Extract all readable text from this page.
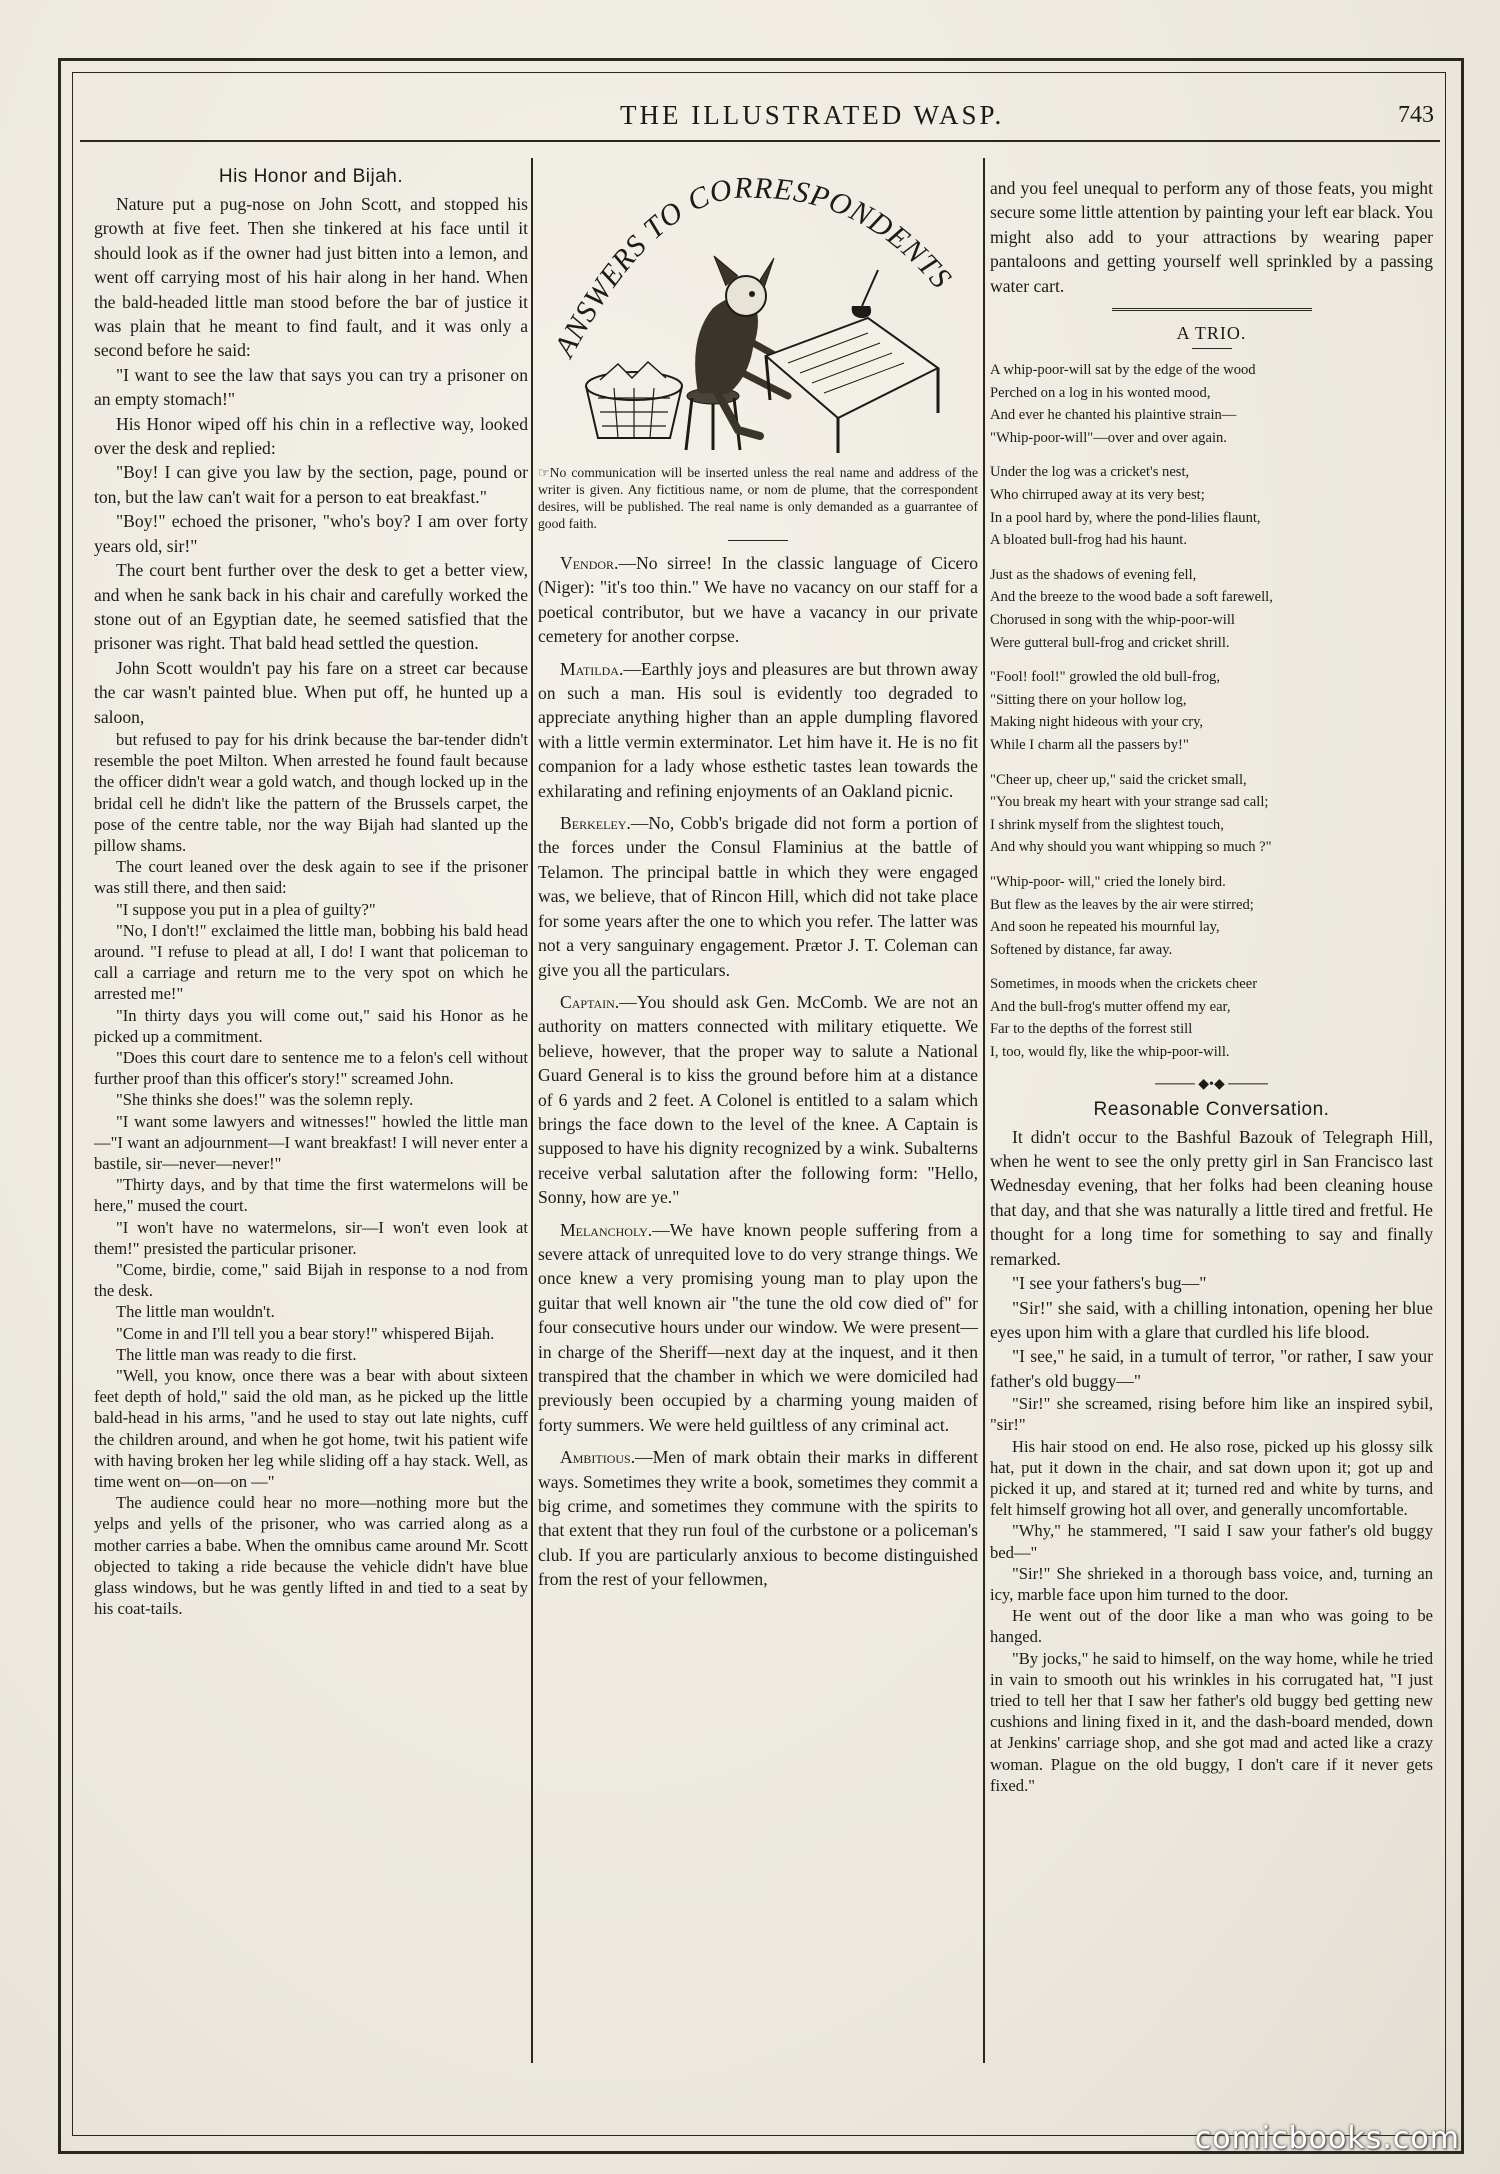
THE ILLUSTRATED WASP.	743
His Honor and Bijah.

Nature put a pug-nose on John Scott, and stopped his growth at five feet. Then she tinkered at his face until it should look as if the owner had just bitten into a lemon, and went off carrying most of his hair along in her hand. When the bald-headed little man stood before the bar of justice it was plain that he meant to find fault, and it was only a second before he said:

"I want to see the law that says you can try a prisoner on an empty stomach!"

His Honor wiped off his chin in a reflective way, looked over the desk and replied:

"Boy! I can give you law by the section, page, pound or ton, but the law can't wait for a person to eat breakfast."

"Boy!" echoed the prisoner, "who's boy? I am over forty years old, sir!"

The court bent further over the desk to get a better view, and when he sank back in his chair and carefully worked the stone out of an Egyptian date, he seemed satisfied that the prisoner was right. That bald head settled the question.

John Scott wouldn't pay his fare on a street car because the car wasn't painted blue. When put off, he hunted up a saloon,

but refused to pay for his drink because the bar-tender didn't resemble the poet Milton. When arrested he found fault because the officer didn't wear a gold watch, and though locked up in the bridal cell he didn't like the pattern of the Brussels carpet, the pose of the centre table, nor the way Bijah had slanted up the pillow shams.

The court leaned over the desk again to see if the prisoner was still there, and then said:

"I suppose you put in a plea of guilty?"

"No, I don't!" exclaimed the little man, bobbing his bald head around. "I refuse to plead at all, I do! I want that policeman to call a carriage and return me to the very spot on which he arrested me!"

"In thirty days you will come out," said his Honor as he picked up a commitment.

"Does this court dare to sentence me to a felon's cell without further proof than this officer's story!" screamed John.

"She thinks she does!" was the solemn reply.

"I want some lawyers and witnesses!" howled the little man—"I want an adjournment—I want breakfast! I will never enter a bastile, sir—never—never!"

"Thirty days, and by that time the first watermelons will be here," mused the court.

"I won't have no watermelons, sir—I won't even look at them!" presisted the particular prisoner.

"Come, birdie, come," said Bijah in response to a nod from the desk.

The little man wouldn't.

"Come in and I'll tell you a bear story!" whispered Bijah.

The little man was ready to die first.

"Well, you know, once there was a bear with about sixteen feet depth of hold," said the old man, as he picked up the little bald-head in his arms, "and he used to stay out late nights, cuff the children around, and when he got home, twit his patient wife with having broken her leg while sliding off a hay stack. Well, as time went on—on—on —"

The audience could hear no more—nothing more but the yelps and yells of the prisoner, who was carried along as a mother carries a babe. When the omnibus came around Mr. Scott objected to taking a ride because the vehicle didn't have blue glass windows, but he was gently lifted in and tied to a seat by his coat-tails.

ANSWERS TO CORRESPONDENTS

☞No communication will be inserted unless the real name and address of the writer is given. Any fictitious name, or nom de plume, that the correspondent desires, will be published. The real name is only demanded as a guarrantee of good faith.

Vendor.—No sirree! In the classic language of Cicero (Niger): "it's too thin." We have no vacancy on our staff for a poetical contributor, but we have a vacancy in our private cemetery for another corpse.

Matilda.—Earthly joys and pleasures are but thrown away on such a man. His soul is evidently too degraded to appreciate anything higher than an apple dumpling flavored with a little vermin exterminator. Let him have it. He is no fit companion for a lady whose esthetic tastes lean towards the exhilarating and refining enjoyments of an Oakland picnic.

Berkeley.—No, Cobb's brigade did not form a portion of the forces under the Consul Flaminius at the battle of Telamon. The principal battle in which they were engaged was, we believe, that of Rincon Hill, which did not take place for some years after the one to which you refer. The latter was not a very sanguinary engagement. Prætor J. T. Coleman can give you all the particulars.

Captain.—You should ask Gen. McComb. We are not an authority on matters connected with military etiquette. We believe, however, that the proper way to salute a National Guard General is to kiss the ground before him at a distance of 6 yards and 2 feet. A Colonel is entitled to a salam which brings the face down to the level of the knee. A Captain is supposed to have his dignity recognized by a wink. Subalterns receive verbal salutation after the following form: "Hello, Sonny, how are ye."

Melancholy.—We have known people suffering from a severe attack of unrequited love to do very strange things. We once knew a very promising young man to play upon the guitar that well known air "the tune the old cow died of" for four consecutive hours under our window. We were present—in charge of the Sheriff—next day at the inquest, and it then transpired that the chamber in which we were domiciled had previously been occupied by a charming young maiden of forty summers. We were held guiltless of any criminal act.

Ambitious.—Men of mark obtain their marks in different ways. Sometimes they write a book, sometimes they commit a big crime, and sometimes they commune with the spirits to that extent that they run foul of the curbstone or a policeman's club. If you are particularly anxious to become distinguished from the rest of your fellowmen,

and you feel unequal to perform any of those feats, you might secure some little attention by painting your left ear black. You might also add to your attractions by wearing paper pantaloons and getting yourself well sprinkled by a passing water cart.

A TRIO.

A whip-poor-will sat by the edge of the wood

Perched on a log in his wonted mood,

And ever he chanted his plaintive strain—

"Whip-poor-will"—over and over again.

Under the log was a cricket's nest,

Who chirruped away at its very best;

In a pool hard by, where the pond-lilies flaunt,

A bloated bull-frog had his haunt.

Just as the shadows of evening fell,

And the breeze to the wood bade a soft farewell,

Chorused in song with the whip-poor-will

Were gutteral bull-frog and cricket shrill.

"Fool! fool!" growled the old bull-frog,

"Sitting there on your hollow log,

Making night hideous with your cry,

While I charm all the passers by!"

"Cheer up, cheer up," said the cricket small,

"You break my heart with your strange sad call;

I shrink myself from the slightest touch,

And why should you want whipping so much ?"

"Whip-poor- will," cried the lonely bird.

But flew as the leaves by the air were stirred;

And soon he repeated his mournful lay,

Softened by distance, far away.

Sometimes, in moods when the crickets cheer

And the bull-frog's mutter offend my ear,

Far to the depths of the forrest still

I, too, would fly, like the whip-poor-will.

──── ◆•◆ ────
Reasonable Conversation.

It didn't occur to the Bashful Bazouk of Telegraph Hill, when he went to see the only pretty girl in San Francisco last Wednesday evening, that her folks had been cleaning house that day, and that she was naturally a little tired and fretful. He thought for a long time for something to say and finally remarked.

"I see your fathers's bug—"

"Sir!" she said, with a chilling intonation, opening her blue eyes upon him with a glare that curdled his life blood.

"I see," he said, in a tumult of terror, "or rather, I saw your father's old buggy—"

"Sir!" she screamed, rising before him like an inspired sybil, "sir!"

His hair stood on end. He also rose, picked up his glossy silk hat, put it down in the chair, and sat down upon it; got up and picked it up, and stared at it; turned red and white by turns, and felt himself growing hot all over, and generally uncomfortable.

"Why," he stammered, "I said I saw your father's old buggy bed—"

"Sir!" She shrieked in a thorough bass voice, and, turning an icy, marble face upon him turned to the door.

He went out of the door like a man who was going to be hanged.

"By jocks," he said to himself, on the way home, while he tried in vain to smooth out his wrinkles in his corrugated hat, "I just tried to tell her that I saw her father's old buggy bed getting new cushions and lining fixed in it, and the dash-board mended, down at Jenkins' carriage shop, and she got mad and acted like a crazy woman. Plague on the old buggy, I don't care if it never gets fixed."

comicbooks.com
